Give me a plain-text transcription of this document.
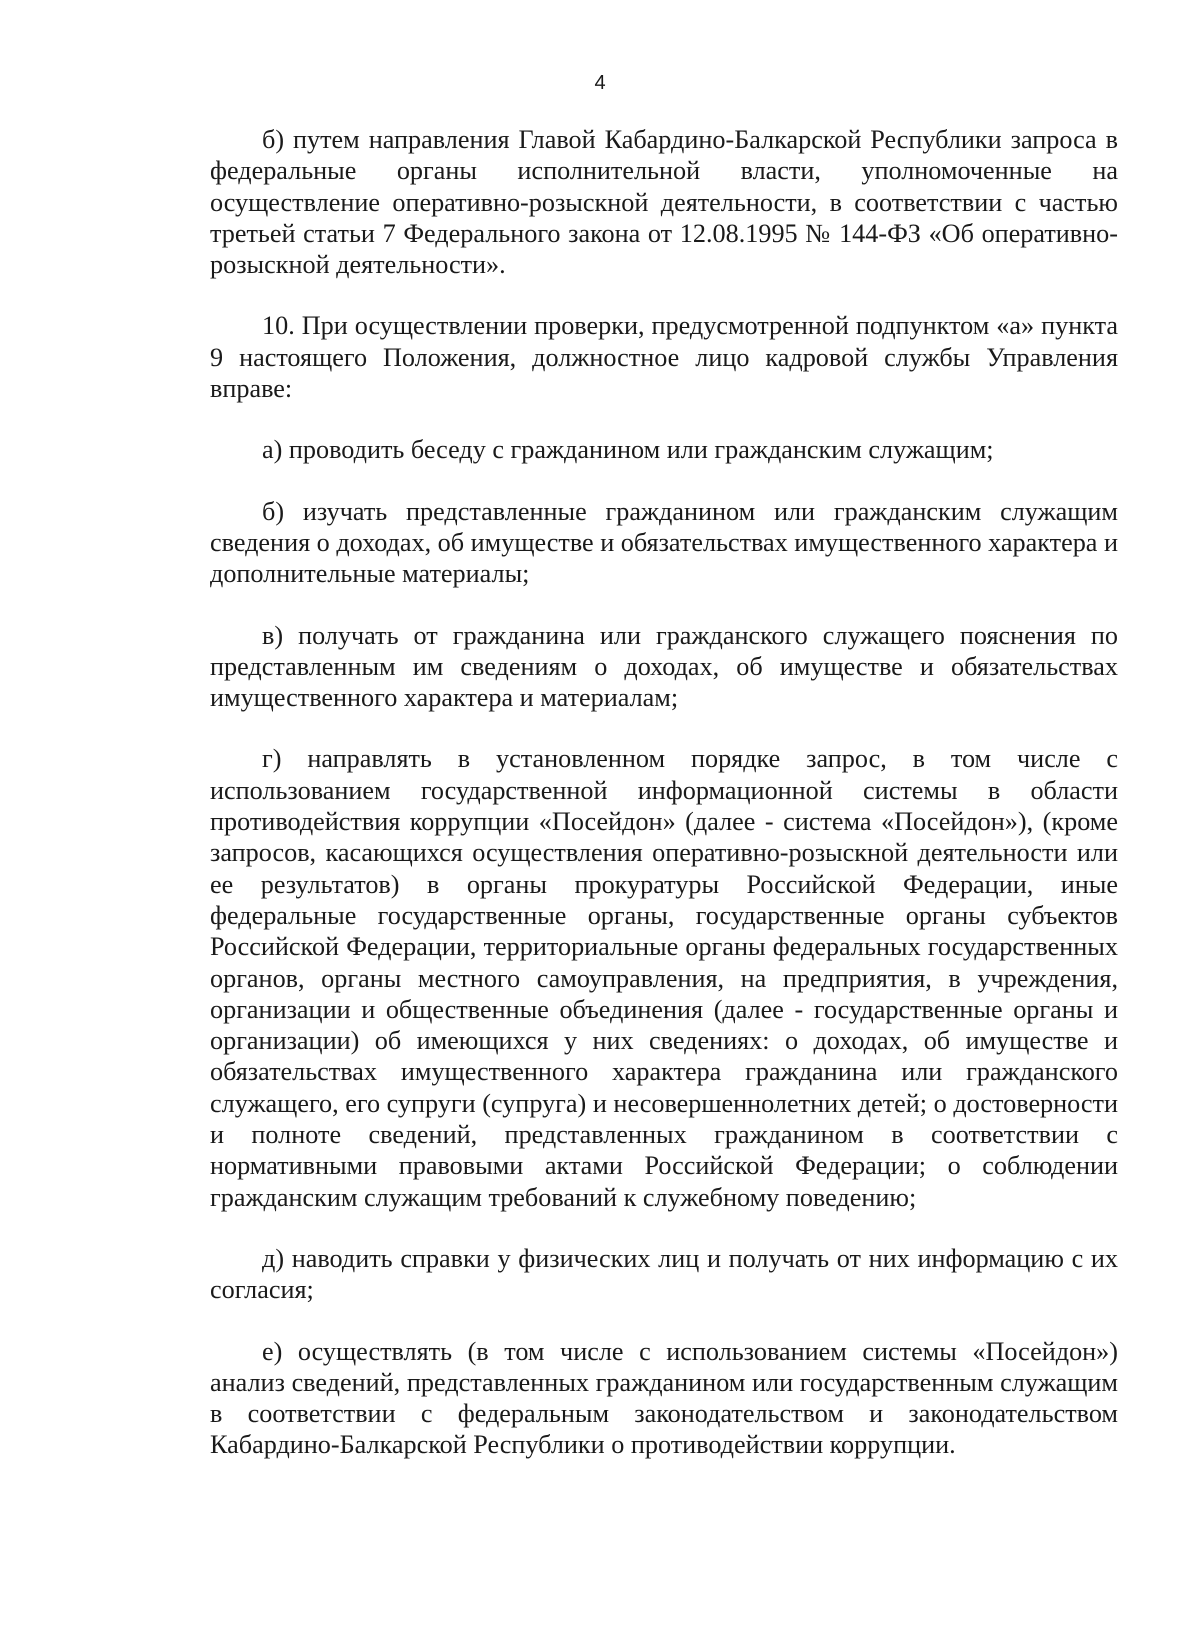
4

б) путем направления Главой Кабардино-Балкарской Республики запроса в федеральные органы исполнительной власти, уполномоченные на осуществление оперативно-розыскной деятельности, в соответствии с частью третьей статьи 7 Федерального закона от 12.08.1995 № 144-ФЗ «Об оперативно-розыскной деятельности».

10. При осуществлении проверки, предусмотренной подпунктом «а» пункта 9 настоящего Положения, должностное лицо кадровой службы Управления вправе:

а) проводить беседу с гражданином или гражданским служащим;

б) изучать представленные гражданином или гражданским служащим сведения о доходах, об имуществе и обязательствах имущественного характера и дополнительные материалы;

в) получать от гражданина или гражданского служащего пояснения по представленным им сведениям о доходах, об имуществе и обязательствах имущественного характера и материалам;

г) направлять в установленном порядке запрос, в том числе с использованием государственной информационной системы в области противодействия коррупции «Посейдон» (далее - система «Посейдон»), (кроме запросов, касающихся осуществления оперативно-розыскной деятельности или ее результатов) в органы прокуратуры Российской Федерации, иные федеральные государственные органы, государственные органы субъектов Российской Федерации, территориальные органы федеральных государственных органов, органы местного самоуправления, на предприятия, в учреждения, организации и общественные объединения (далее - государственные органы и организации) об имеющихся у них сведениях: о доходах, об имуществе и обязательствах имущественного характера гражданина или гражданского служащего, его супруги (супруга) и несовершеннолетних детей; о достоверности и полноте сведений, представленных гражданином в соответствии с нормативными правовыми актами Российской Федерации; о соблюдении гражданским служащим требований к служебному поведению;

д) наводить справки у физических лиц и получать от них информацию с их согласия;

е) осуществлять (в том числе с использованием системы «Посейдон») анализ сведений, представленных гражданином или государственным служащим в соответствии с федеральным законодательством и законодательством Кабардино-Балкарской Республики о противодействии коррупции.
